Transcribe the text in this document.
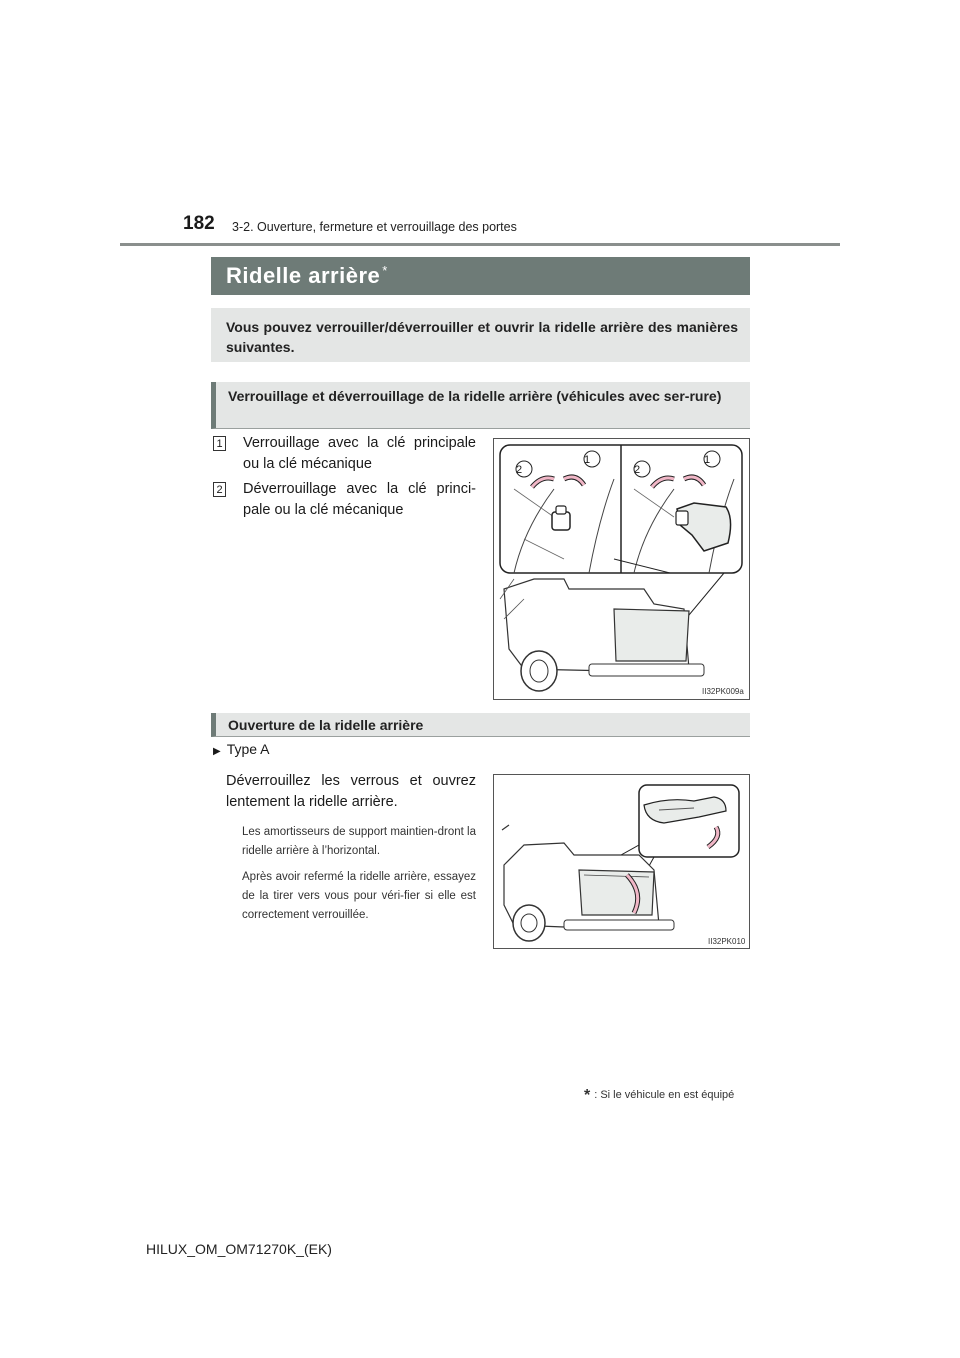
182 3-2. Ouverture, fermeture et verrouillage des portes
Ridelle arrière *
Vous pouvez verrouiller/déverrouiller et ouvrir la ridelle arrière des manières suivantes.
Verrouillage et déverrouillage de la ridelle arrière (véhicules avec ser-rure)
1 Verrouillage avec la clé principale ou la clé mécanique
2 Déverrouillage avec la clé princi-pale ou la clé mécanique
2
1
2
1
II32PK009a
Ouverture de la ridelle arrière
▶ Type A
Déverrouillez les verrous et ouvrez lentement la ridelle arrière.
Les amortisseurs de support maintien-dront la ridelle arrière à l’horizontal.
Après avoir refermé la ridelle arrière, essayez de la tirer vers vous pour véri-fier si elle est correctement verrouillée.
II32PK010
* : Si le véhicule en est équipé
HILUX_OM_OM71270K_(EK)
